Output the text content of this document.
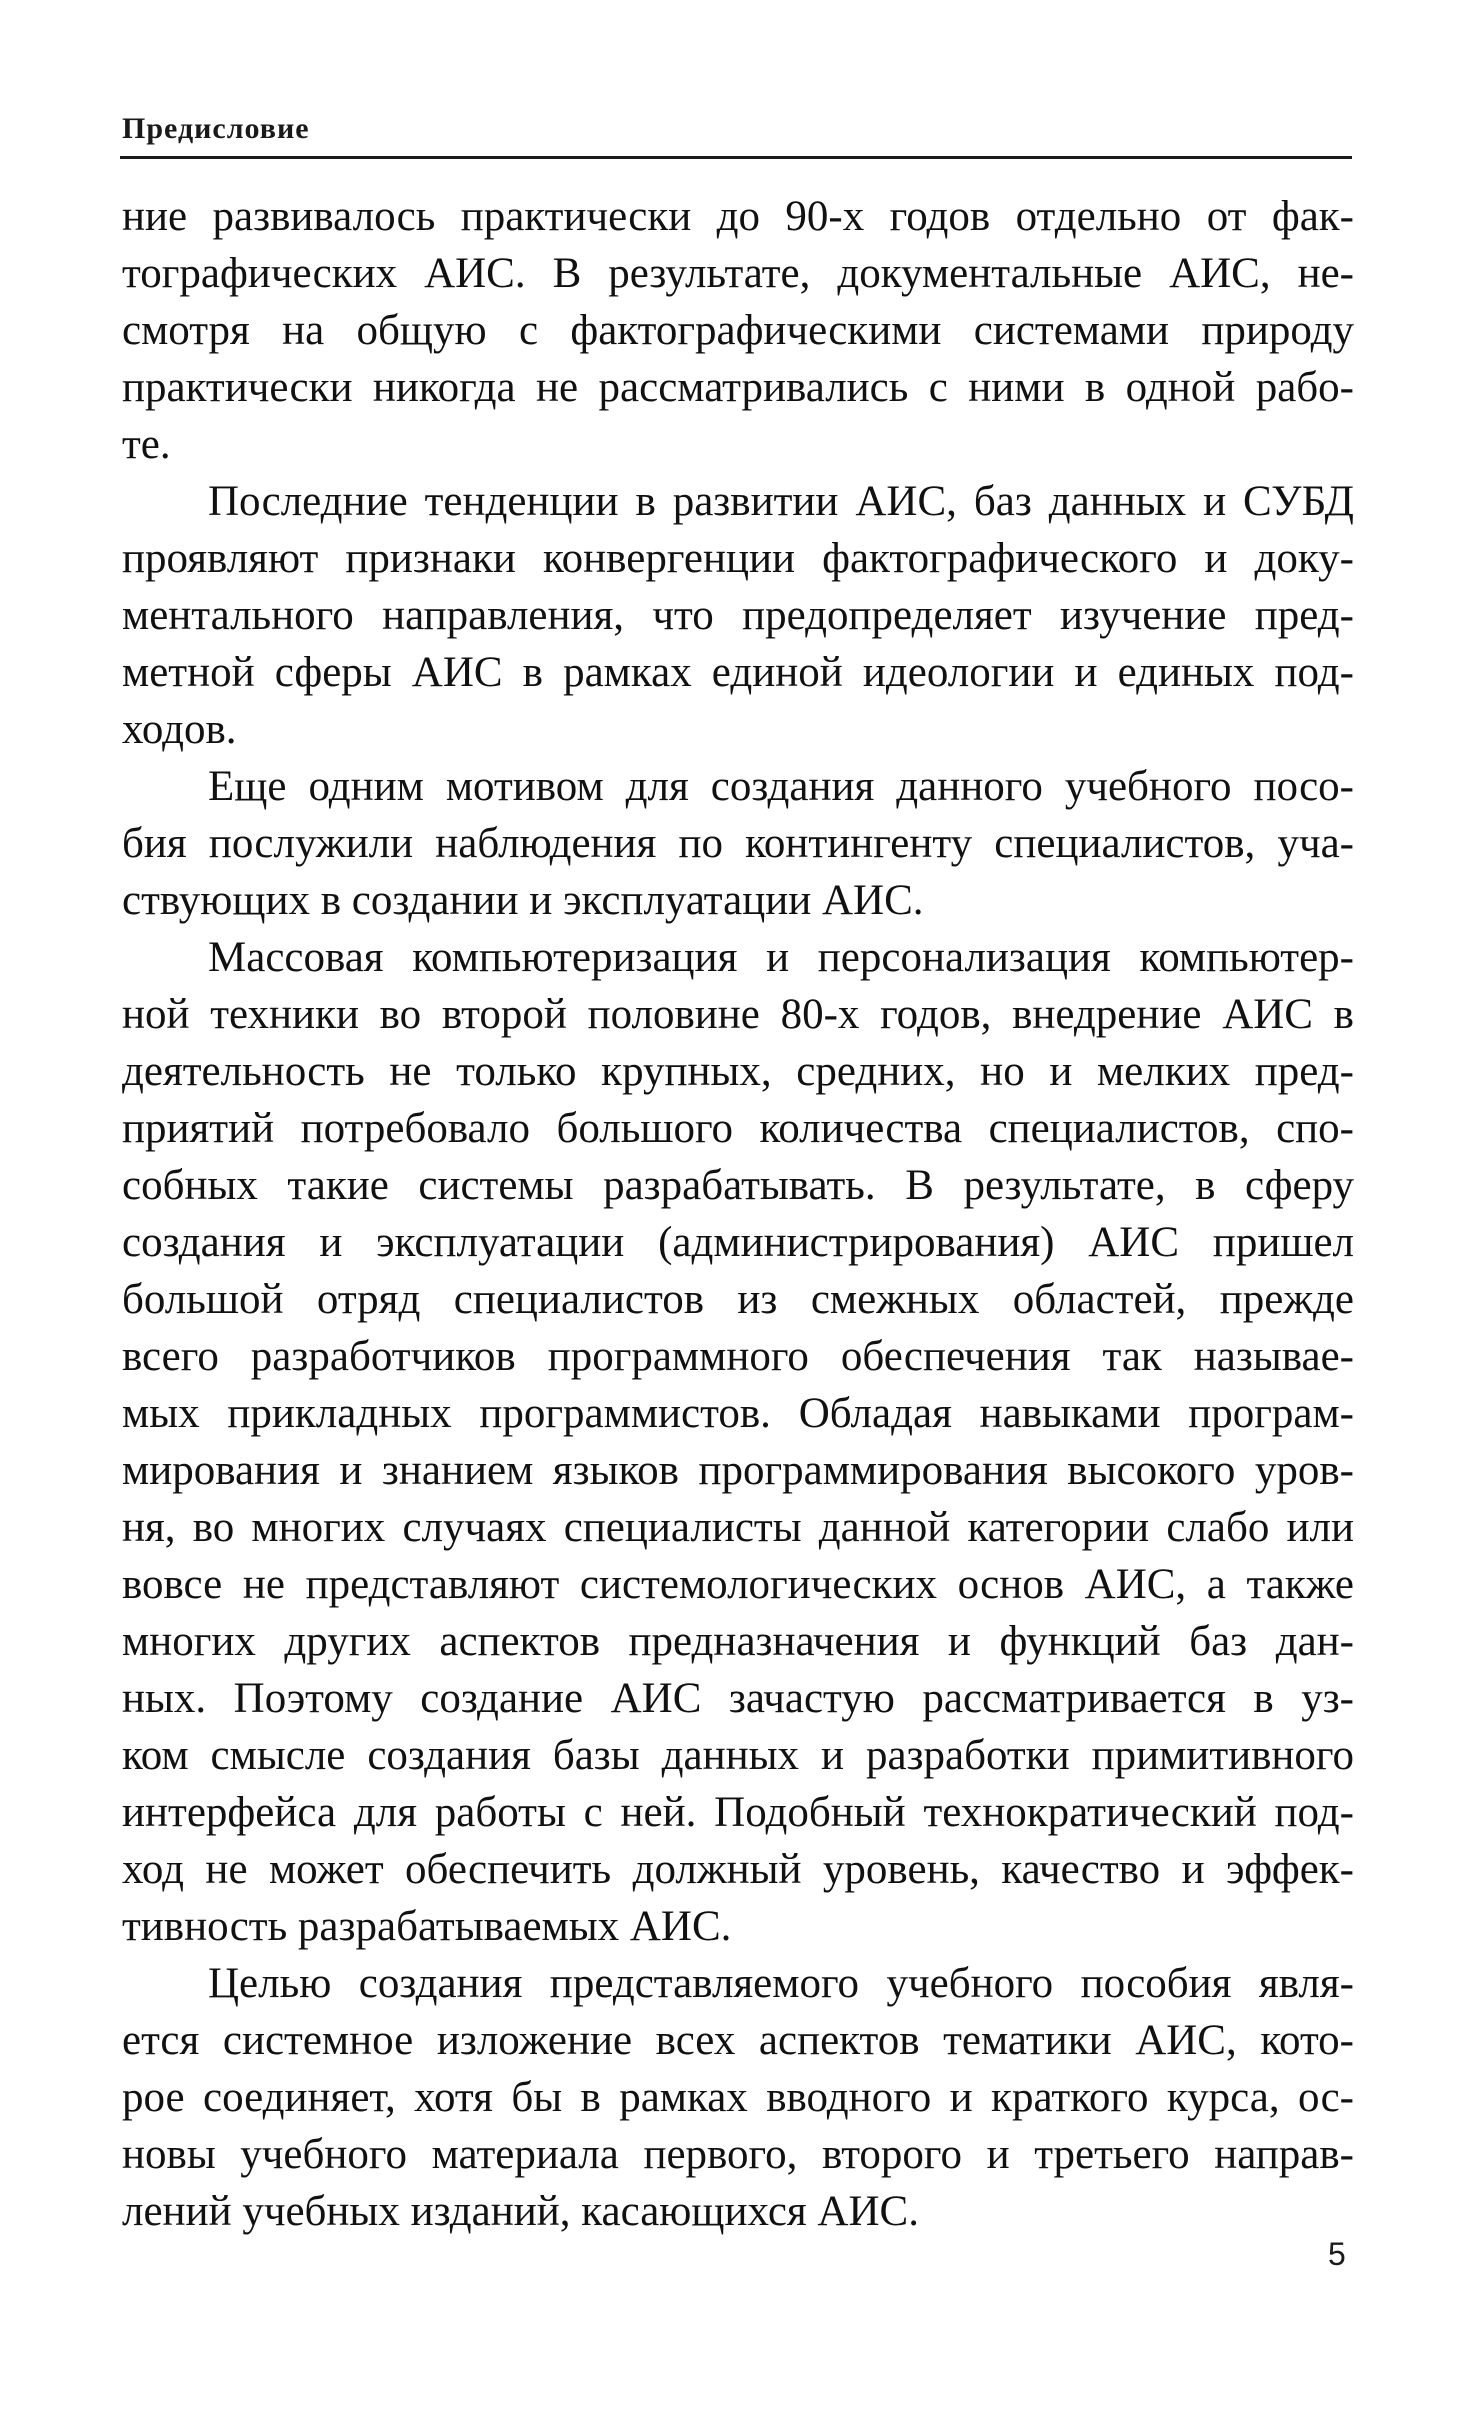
Предисловие

ние развивалось практически до 90-х годов отдельно от фак-
тографических АИС. В результате, документальные АИС, не-
смотря на общую с фактографическими системами природу
практически никогда не рассматривались с ними в одной рабо-
те.

Последние тенденции в развитии АИС, баз данных и СУБД
проявляют признаки конвергенции фактографического и доку-
ментального направления, что предопределяет изучение пред-
метной сферы АИС в рамках единой идеологии и единых под-
ходов.

Еще одним мотивом для создания данного учебного посо-
бия послужили наблюдения по контингенту специалистов, уча-
ствующих в создании и эксплуатации АИС.

Массовая компьютеризация и персонализация компьютер-
ной техники во второй половине 80-х годов, внедрение АИС в
деятельность не только крупных, средних, но и мелких пред-
приятий потребовало большого количества специалистов, спо-
собных такие системы разрабатывать. В результате, в сферу
создания и эксплуатации (администрирования) АИС пришел
большой отряд специалистов из смежных областей, прежде
всего разработчиков программного обеспечения так называе-
мых прикладных программистов. Обладая навыками програм-
мирования и знанием языков программирования высокого уров-
ня, во многих случаях специалисты данной категории слабо или
вовсе не представляют системологических основ АИС, а также
многих других аспектов предназначения и функций баз дан-
ных. Поэтому создание АИС зачастую рассматривается в уз-
ком смысле создания базы данных и разработки примитивного
интерфейса для работы с ней. Подобный технократический под-
ход не может обеспечить должный уровень, качество и эффек-
тивность разрабатываемых АИС.

Целью создания представляемого учебного пособия явля-
ется системное изложение всех аспектов тематики АИС, кото-
рое соединяет, хотя бы в рамках вводного и краткого курса, ос-
новы учебного материала первого, второго и третьего направ-
лений учебных изданий, касающихся АИС.

5
